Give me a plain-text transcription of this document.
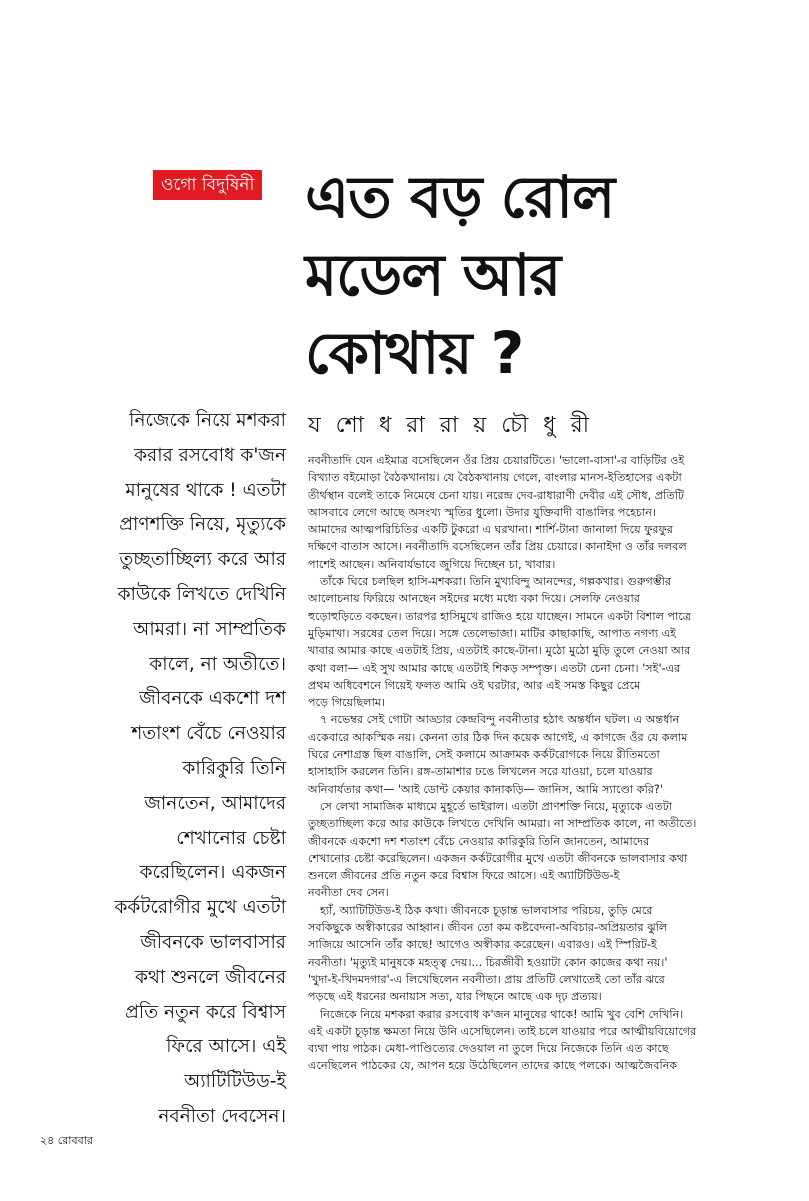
ওগো বিদুষিনী এত বড় রোল
মডেল আর
কোথায় ?
য শো ধ রা রা য় চৌ ধু রী
নিজেকে নিয়ে মশকরা
করার রসবোধ ক'জন
মানুষের থাকে ! এতটা
প্রাণশক্তি নিয়ে, মৃত্যুকে
তুচ্ছতাচ্ছিল্য করে আর
কাউকে লিখতে দেখিনি
আমরা। না সাম্প্রতিক
কালে, না অতীতে।
জীবনকে একশো দশ
শতাংশ বেঁচে নেওয়ার
কারিকুরি তিনি
জানতেন, আমাদের
শেখানোর চেষ্টা
করেছিলেন। একজন
কর্কটরোগীর মুখে এতটা
জীবনকে ভালবাসার
কথা শুনলে জীবনের
প্রতি নতুন করে বিশ্বাস
ফিরে আসে। এই
অ্যাটিটিউড-ই
নবনীতা দেবসেন।
নবনীতাদি যেন এইমাত্র বসেছিলেন ওঁর প্রিয় চেয়ারটিতে। 'ভালো-বাসা'-র বাড়িটির ওই
বিখ্যাত বইমোড়া বৈঠকখানায়। যে বৈঠকখানায় গেলে, বাংলার মানস-ইতিহাসের একটা
তীর্থস্থান বলেই তাকে নিমেষে চেনা যায়। নরেন্দ্র দেব-রাধারাণী দেবীর এই সৌধ, প্রতিটি
আসবাবে লেগে আছে অসংখ্য স্মৃতির ধুলো। উদার যুক্তিবাদী বাঙালির পহেচান।
আমাদের আত্মপরিচিতির একটি টুকরো এ ঘরখানা। শার্শি-টানা জানালা দিয়ে ফুরফুর
দক্ষিণে বাতাস আসে। নবনীতাদি বসেছিলেন তাঁর প্রিয় চেয়ারে। কানাইদা ও তাঁর দলবল
পাশেই আছেন। অনিবার্যভাবে জুগিয়ে দিচ্ছেন চা, খাবার।
তাঁকে ঘিরে চলছিল হাসি-মশকরা। তিনি মুখ্যবিন্দু আনন্দের, গল্পকথার। গুরুগম্ভীর
আলোচনায় ফিরিয়ে আনছেন সইদের মধ্যে মধ্যে বকা দিয়ে। সেলফি নেওয়ার
হুড়োহুড়িতে বকছেন। তারপর হাসিমুখে রাজিও হয়ে যাচ্ছেন। সামনে একটা বিশাল পাত্রে
মুড়িমাখা। সরষের তেল দিয়ে। সঙ্গে তেলেভাজা। মাটির কাছাকাছি, আপাত নগণ্য এই
খাবার আমার কাছে এতটাই প্রিয়, এতটাই কাছে-টানা। মুঠো মুঠো মুড়ি তুলে নেওয়া আর
কথা বলা— এই সুখ আমার কাছে এতটাই শিকড় সম্পৃক্ত। এতটা চেনা চেনা। 'সই'-এর
প্রথম অধিবেশনে গিয়েই ফলত আমি ওই ঘরটার, আর এই সমস্ত কিছুর প্রেমে
পড়ে গিয়েছিলাম।
৭ নভেম্বর সেই গোটা আড্ডার কেন্দ্রবিন্দু নবনীতার হঠাৎ অন্তর্ধান ঘটল। এ অন্তর্ধান
একেবারে আকস্মিক নয়। কেননা তার ঠিক দিন কয়েক আগেই, এ কাগজে ওঁর যে কলাম
ঘিরে নেশাগ্রস্ত ছিল বাঙালি, সেই কলামে আক্রামক কর্কটরোগকে নিয়ে রীতিমতো
হাসাহাসি করলেন তিনি। রঙ্গ-তামাশার ঢঙে লিখলেন সরে যাওয়া, চলে যাওয়ার
অনিবার্যতার কথা— 'আই ডোন্ট কেয়ার কানাকড়ি— জানিস, আমি স্যাণ্ডো করি?'
সে লেখা সামাজিক মাধ্যমে মুহূর্তে ভাইরাল। এতটা প্রাণশক্তি নিয়ে, মৃত্যুকে এতটা
তুচ্ছতাচ্ছিল্য করে আর কাউকে লিখতে দেখিনি আমরা। না সাম্প্রতিক কালে, না অতীতে।
জীবনকে একশো দশ শতাংশ বেঁচে নেওয়ার কারিকুরি তিনি জানতেন, আমাদের
শেখানোর চেষ্টা করেছিলেন। একজন কর্কটরোগীর মুখে এতটা জীবনকে ভালবাসার কথা
শুনলে জীবনের প্রতি নতুন করে বিশ্বাস ফিরে আসে। এই অ্যাটিটিউড-ই
নবনীতা দেব সেন।
হ্যাঁ, অ্যাটিটিউড-ই ঠিক কথা। জীবনকে চূড়ান্ত ভালবাসার পরিচয়, তুড়ি মেরে
সবকিছুকে অস্বীকারের আহ্বান। জীবন তো কম কষ্টবেদনা-অবিচার-অপ্রিয়তার ঝুলি
সাজিয়ে আসেনি তাঁর কাছে! আগেও অস্বীকার করেছেন। এবারও। এই স্পিরিট-ই
নবনীতা। 'মৃত্যুই মানুষকে মহত্ত্ব দেয়।... চিরজীবী হওয়াটা কোন কাজের কথা নয়।'
'খুদা-ই-খিদমদগার'-এ লিখেছিলেন নবনীতা। প্রায় প্রতিটি লেখাতেই তো তাঁর ঝরে
পড়ছে এই ধরনের অনায়াস সত্য, যার পিছনে আছে এক দৃঢ় প্রত্যয়।
নিজেকে নিয়ে মশকরা করার রসবোধ ক'জন মানুষের থাকে! আমি খুব বেশি দেখিনি।
এই একটা চূড়ান্ত ক্ষমতা নিয়ে উনি এসেছিলেন। তাই চলে যাওয়ার পরে আত্মীয়বিয়োগের
ব্যথা পায় পাঠক। মেধা-পাণ্ডিত্যের দেওয়াল না তুলে দিয়ে নিজেকে তিনি এত কাছে
এনেছিলেন পাঠকের যে, আপন হয়ে উঠেছিলেন তাদের কাছে পলকে। আত্মজৈবনিক
২৪ রোববার
